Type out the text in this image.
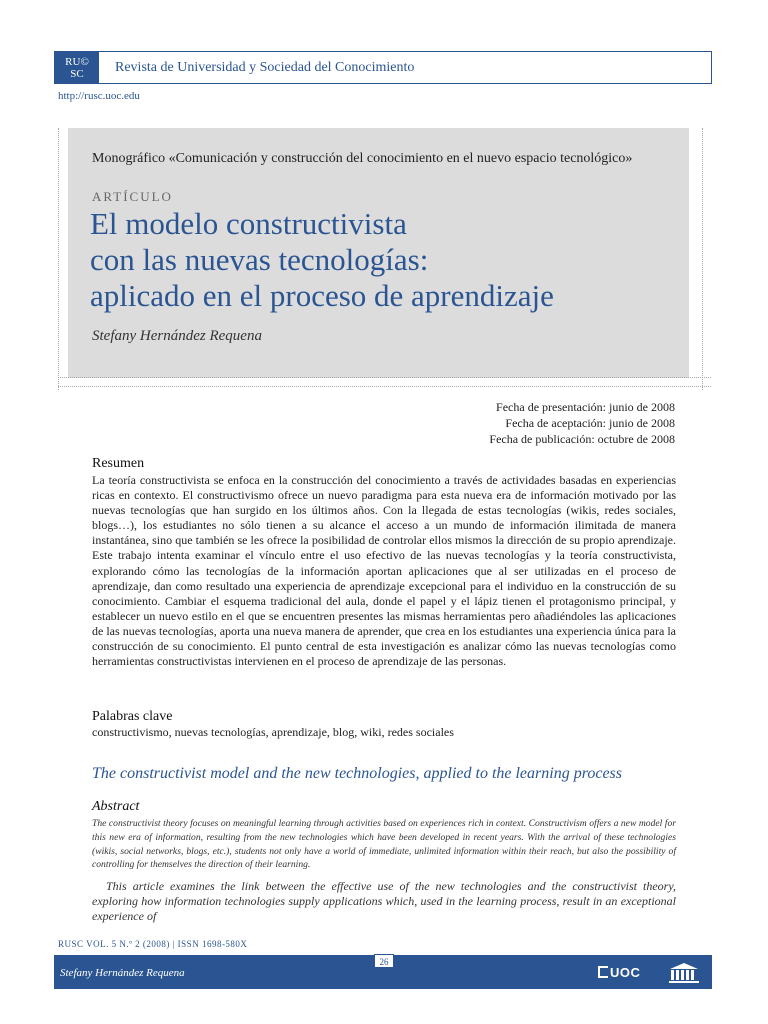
RU©
SC	Revista de Universidad y Sociedad del Conocimiento
http://rusc.uoc.edu
Monográfico «Comunicación y construcción del conocimiento en el nuevo espacio tecnológico»
ARTÍCULO
El modelo constructivista
con las nuevas tecnologías:
aplicado en el proceso de aprendizaje
Stefany Hernández Requena
Fecha de presentación: junio de 2008
Fecha de aceptación: junio de 2008
Fecha de publicación: octubre de 2008
Resumen
La teoría constructivista se enfoca en la construcción del conocimiento a través de actividades basadas en experiencias ricas en contexto. El constructivismo ofrece un nuevo paradigma para esta nueva era de información motivado por las nuevas tecnologías que han surgido en los últimos años. Con la llegada de estas tecnologías (wikis, redes sociales, blogs…), los estudiantes no sólo tienen a su alcance el acceso a un mundo de información ilimitada de manera instantánea, sino que también se les ofrece la posibilidad de controlar ellos mismos la dirección de su propio aprendizaje. Este trabajo intenta examinar el vínculo entre el uso efectivo de las nuevas tecnologías y la teoría constructivista, explorando cómo las tecnologías de la información aportan aplicaciones que al ser utilizadas en el proceso de aprendizaje, dan como resultado una experiencia de aprendizaje excepcional para el individuo en la construcción de su conocimiento. Cambiar el esquema tradicional del aula, donde el papel y el lápiz tienen el protagonismo principal, y establecer un nuevo estilo en el que se encuentren presentes las mismas herramientas pero añadiéndoles las aplicaciones de las nuevas tecnologías, aporta una nueva manera de aprender, que crea en los estudiantes una experiencia única para la construcción de su conocimiento. El punto central de esta investigación es analizar cómo las nuevas tecnologías como herramientas constructivistas intervienen en el proceso de aprendizaje de las personas.
Palabras clave
constructivismo, nuevas tecnologías, aprendizaje, blog, wiki, redes sociales
The constructivist model and the new technologies, applied to the learning process
Abstract
The constructivist theory focuses on meaningful learning through activities based on experiences rich in context. Constructivism offers a new model for this new era of information, resulting from the new technologies which have been developed in recent years. With the arrival of these technologies (wikis, social networks, blogs, etc.), students not only have a world of immediate, unlimited information within their reach, but also the possibility of controlling for themselves the direction of their learning.
This article examines the link between the effective use of the new technologies and the constructivist theory, exploring how information technologies supply applications which, used in the learning process, result in an exceptional experience of
RUSC VOL. 5 N.º 2 (2008) | ISSN 1698-580X
Stefany Hernández Requena	UOC
26
